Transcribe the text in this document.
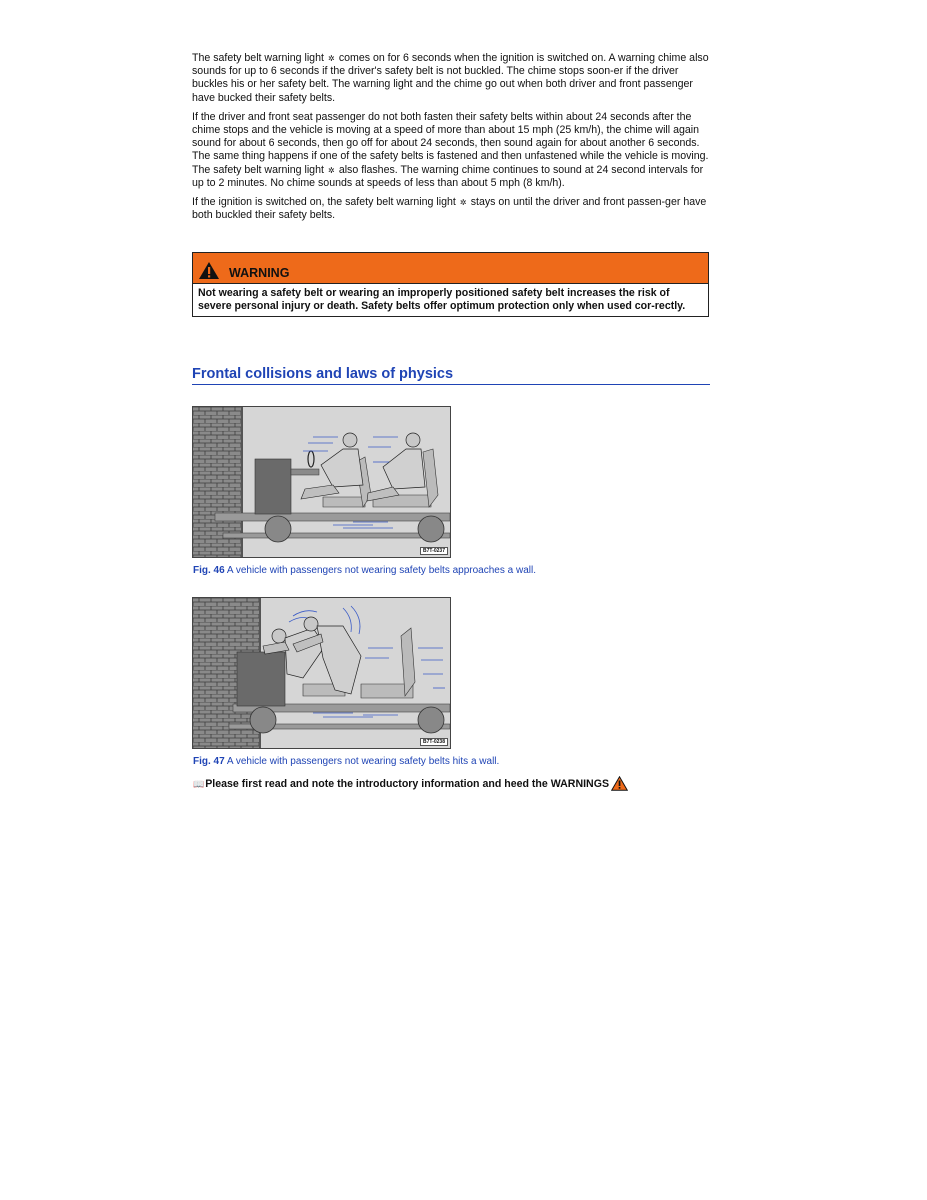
The safety belt warning light ✲ comes on for 6 seconds when the ignition is switched on. A warning chime also sounds for up to 6 seconds if the driver's safety belt is not buckled. The chime stops soon-er if the driver buckles his or her safety belt. The warning light and the chime go out when both driver and front passenger have bucked their safety belts.

If the driver and front seat passenger do not both fasten their safety belts within about 24 seconds after the chime stops and the vehicle is moving at a speed of more than about 15 mph (25 km/h), the chime will again sound for about 6 seconds, then go off for about 24 seconds, then sound again for about another 6 seconds. The same thing happens if one of the safety belts is fastened and then unfastened while the vehicle is moving. The safety belt warning light ✲ also flashes. The warning chime continues to sound at 24 second intervals for up to 2 minutes. No chime sounds at speeds of less than about 5 mph (8 km/h).

If the ignition is switched on, the safety belt warning light ✲ stays on until the driver and front passen-ger have both buckled their safety belts.

WARNING
Not wearing a safety belt or wearing an improperly positioned safety belt increases the risk of severe personal injury or death. Safety belts offer optimum protection only when used cor-rectly.
Frontal collisions and laws of physics
B7T-0237
Fig. 46 A vehicle with passengers not wearing safety belts approaches a wall.
B7T-0238
Fig. 47 A vehicle with passengers not wearing safety belts hits a wall.
📖 Please first read and note the introductory information and heed the WARNINGS
